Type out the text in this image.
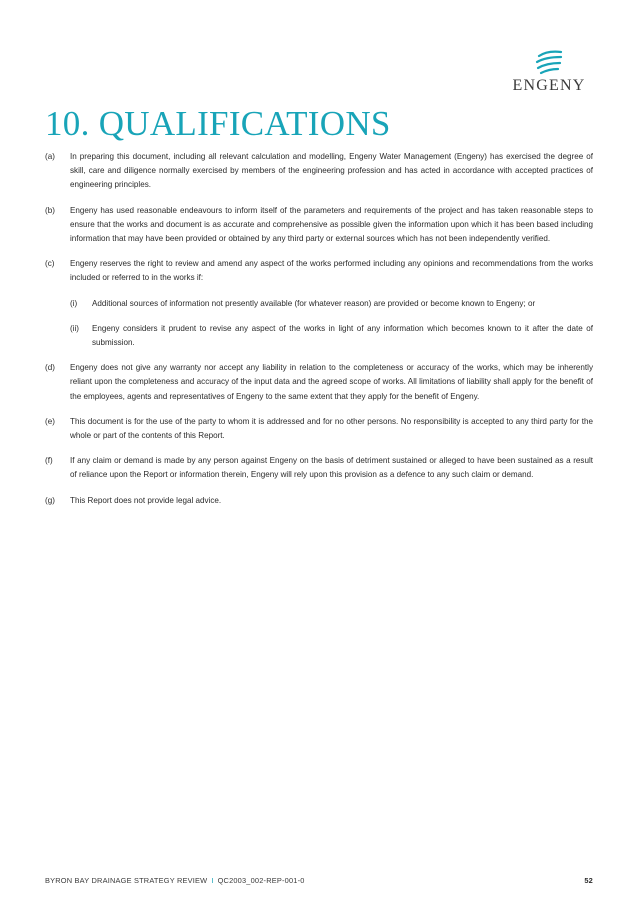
ENGENY
10. QUALIFICATIONS
(a) In preparing this document, including all relevant calculation and modelling, Engeny Water Management (Engeny) has exercised the degree of skill, care and diligence normally exercised by members of the engineering profession and has acted in accordance with accepted practices of engineering principles.
(b) Engeny has used reasonable endeavours to inform itself of the parameters and requirements of the project and has taken reasonable steps to ensure that the works and document is as accurate and comprehensive as possible given the information upon which it has been based including information that may have been provided or obtained by any third party or external sources which has not been independently verified.
(c) Engeny reserves the right to review and amend any aspect of the works performed including any opinions and recommendations from the works included or referred to in the works if:
(i) Additional sources of information not presently available (for whatever reason) are provided or become known to Engeny; or
(ii) Engeny considers it prudent to revise any aspect of the works in light of any information which becomes known to it after the date of submission.
(d) Engeny does not give any warranty nor accept any liability in relation to the completeness or accuracy of the works, which may be inherently reliant upon the completeness and accuracy of the input data and the agreed scope of works. All limitations of liability shall apply for the benefit of the employees, agents and representatives of Engeny to the same extent that they apply for the benefit of Engeny.
(e) This document is for the use of the party to whom it is addressed and for no other persons. No responsibility is accepted to any third party for the whole or part of the contents of this Report.
(f) If any claim or demand is made by any person against Engeny on the basis of detriment sustained or alleged to have been sustained as a result of reliance upon the Report or information therein, Engeny will rely upon this provision as a defence to any such claim or demand.
(g) This Report does not provide legal advice.
BYRON BAY DRAINAGE STRATEGY REVIEW I QC2003_002-REP-001-0	52
